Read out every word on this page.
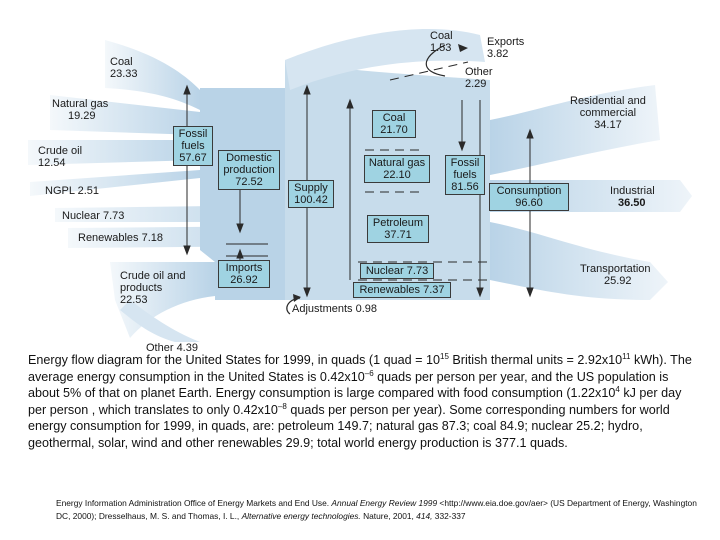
Coal
23.33
Natural gas
19.29
Crude oil
12.54
NGPL 2.51
Nuclear 7.73
Renewables 7.18
Crude oil and
products
22.53
Other 4.39
Fossil
fuels
57.67	Domestic
production
72.52
Imports
26.92
Supply
100.42
Coal
21.70
Natural gas
22.10
Petroleum
37.71
Nuclear 7.73
Renewables 7.37
Fossil
fuels
81.56	Consumption
96.60
Coal
1.53	Exports
3.82
Other
2.29
Residential and
commercial
34.17
Industrial
36.50
Transportation
25.92
Adjustments 0.98
Energy flow diagram for the United States for 1999, in quads (1 quad = $10^{15}$ British thermal units = $2.92x10^{11}$ kWh). The average energy consumption in the United States is $0.42x10^{-6}$ quads per person per year, and the US population is about 5% of that on planet Earth. Energy consumption is large compared with food consumption ($1.22x10^4$ kJ per day per person , which translates to only $0.42x10^{-8}$ quads per person per year). Some corresponding numbers for world energy consumption for 1999, in quads, are: petroleum 149.7; natural gas 87.3; coal 84.9; nuclear 25.2; hydro, geothermal, solar, wind and other renewables 29.9; total world energy production is 377.1 quads.
Energy Information Administration Office of Energy Markets and End Use. Annual Energy Review 1999 <http://www.eia.doe.gov/aer> (US Department of Energy, Washington DC, 2000); Dresselhaus, M. S. and Thomas, I. L., Alternative energy technologies. Nature, 2001, 414, 332-337
